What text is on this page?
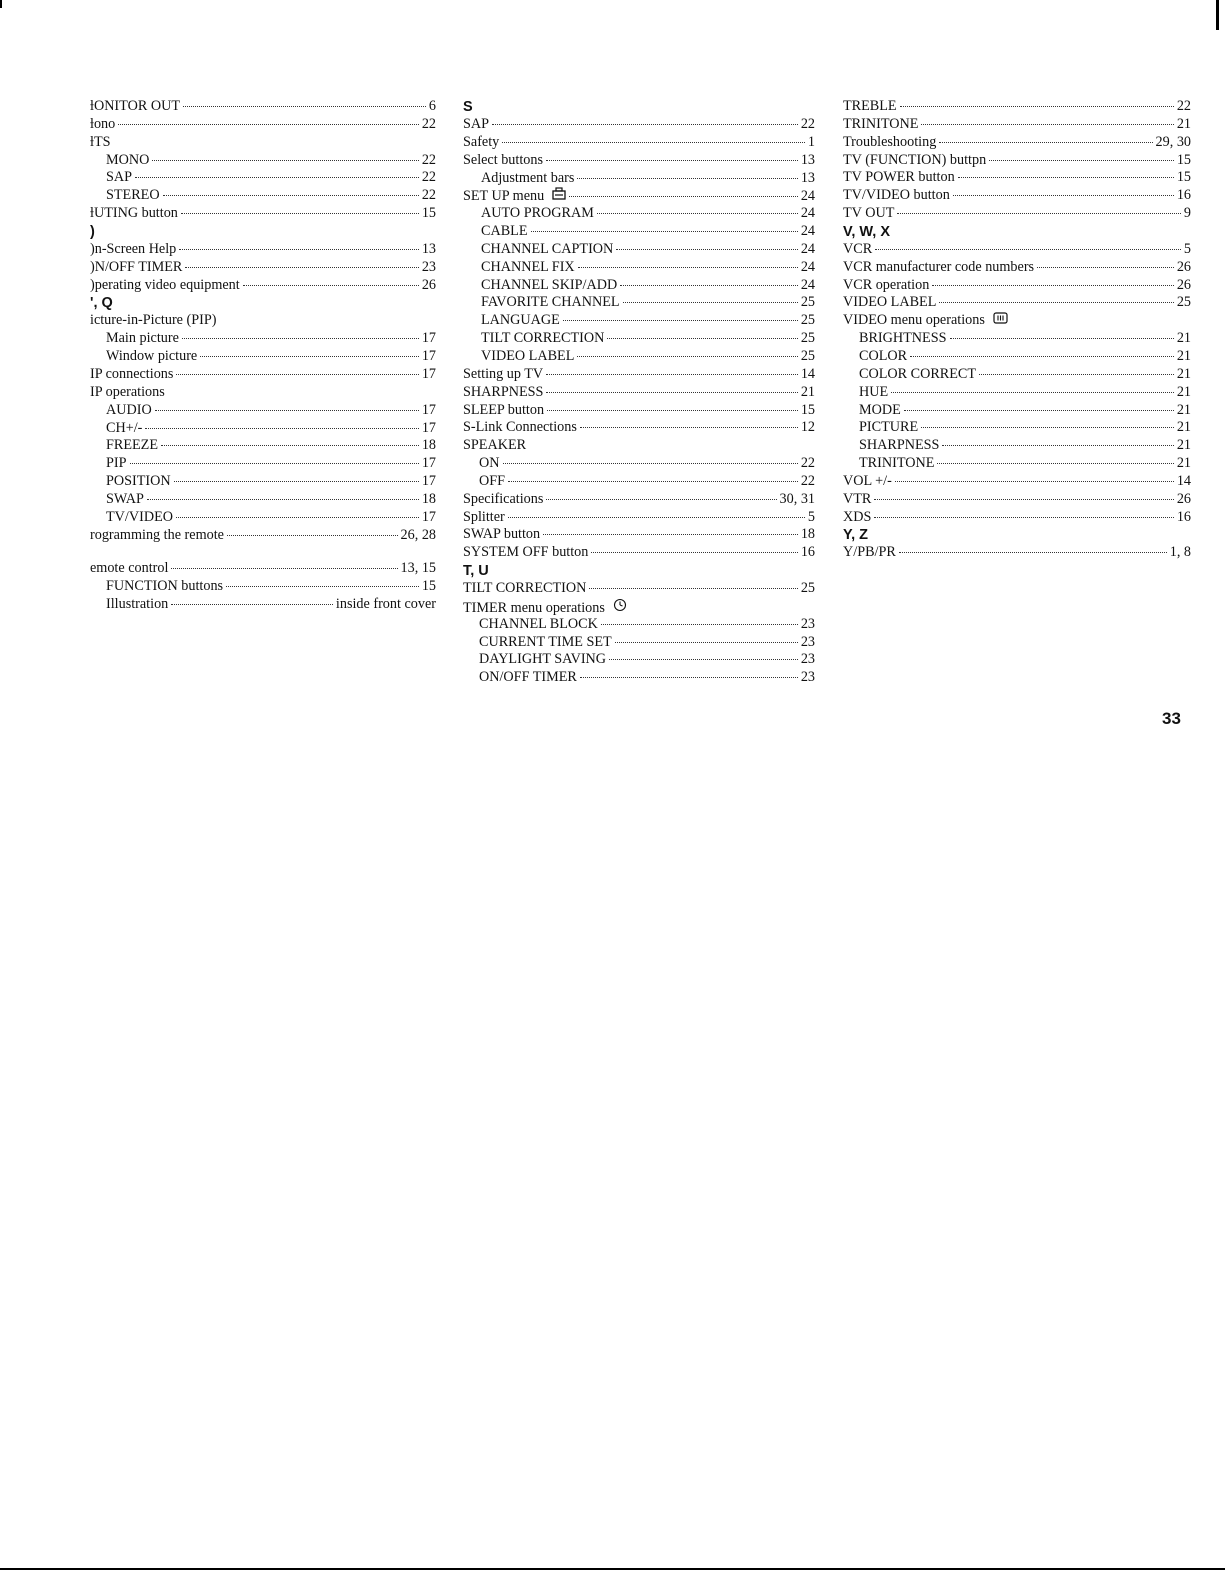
ƚONITOR OUT	6
ƚono	22
ƚTS
MONO	22
SAP	22
STEREO	22
ƚUTING button	15
)
)n-Screen Help	13
)N/OFF TIMER	23
)perating video equipment	26
', Q
icture-in-Picture (PIP)
Main picture	17
Window picture	17
IP connections	17
IP operations
AUDIO	17
CH+/-	17
FREEZE	18
PIP	17
POSITION	17
SWAP	18
TV/VIDEO	17
rogramming the remote	26, 28
emote control	13, 15
FUNCTION buttons	15
Illustration	inside front cover
S
SAP	22
Safety	1
Select buttons	13
Adjustment bars	13
SET UP menu	24
AUTO PROGRAM	24
CABLE	24
CHANNEL CAPTION	24
CHANNEL FIX	24
CHANNEL SKIP/ADD	24
FAVORITE CHANNEL	25
LANGUAGE	25
TILT CORRECTION	25
VIDEO LABEL	25
Setting up TV	14
SHARPNESS	21
SLEEP button	15
S-Link Connections	12
SPEAKER
ON	22
OFF	22
Specifications	30, 31
Splitter	5
SWAP button	18
SYSTEM OFF button	16
T, U
TILT CORRECTION	25
TIMER menu operations
CHANNEL BLOCK	23
CURRENT TIME SET	23
DAYLIGHT SAVING	23
ON/OFF TIMER	23
TREBLE	22
TRINITONE	21
Troubleshooting	29, 30
TV (FUNCTION) buttpn	15
TV POWER button	15
TV/VIDEO button	16
TV OUT	9
V, W, X
VCR	5
VCR manufacturer code numbers	26
VCR operation	26
VIDEO LABEL	25
VIDEO menu operations
BRIGHTNESS	21
COLOR	21
COLOR CORRECT	21
HUE	21
MODE	21
PICTURE	21
SHARPNESS	21
TRINITONE	21
VOL +/-	14
VTR	26
XDS	16
Y, Z
Y/PB/PR	1, 8
33
